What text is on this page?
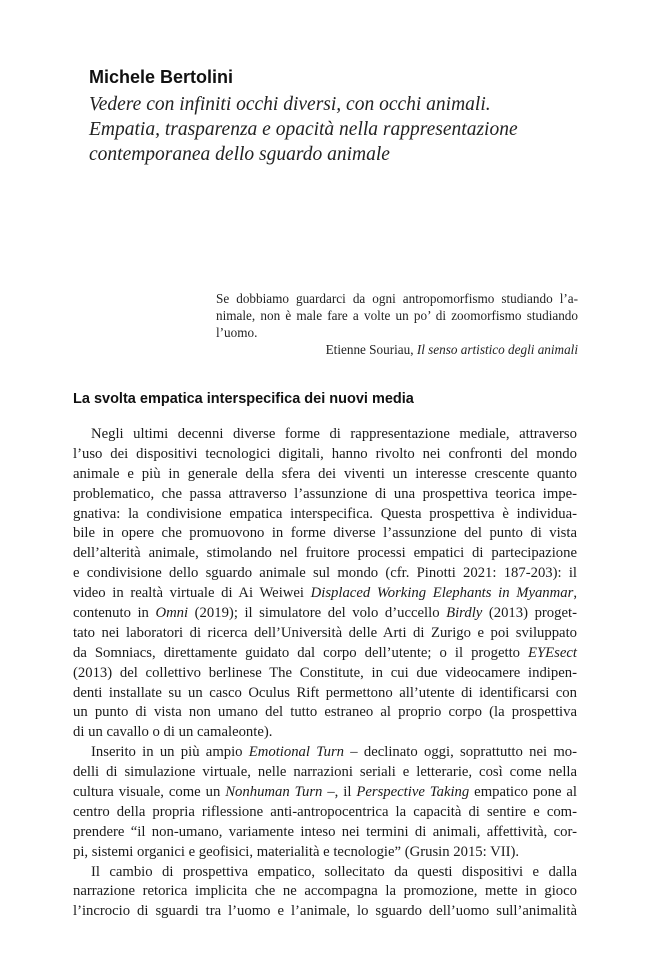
Michele Bertolini
Vedere con infiniti occhi diversi, con occhi animali.
Empatia, trasparenza e opacità nella rappresentazione
contemporanea dello sguardo animale
Se dobbiamo guardarci da ogni antropomorfismo studiando l’a-
nimale, non è male fare a volte un po’ di zoomorfismo studiando
l’uomo.
Etienne Souriau, Il senso artistico degli animali
La svolta empatica interspecifica dei nuovi media
Negli ultimi decenni diverse forme di rappresentazione mediale, attraverso
l’uso dei dispositivi tecnologici digitali, hanno rivolto nei confronti del mondo
animale e più in generale della sfera dei viventi un interesse crescente quanto
problematico, che passa attraverso l’assunzione di una prospettiva teorica impe-
gnativa: la condivisione empatica interspecifica. Questa prospettiva è individua-
bile in opere che promuovono in forme diverse l’assunzione del punto di vista
dell’alterità animale, stimolando nel fruitore processi empatici di partecipazione
e condivisione dello sguardo animale sul mondo (cfr. Pinotti 2021: 187-203): il
video in realtà virtuale di Ai Weiwei Displaced Working Elephants in Myanmar,
contenuto in Omni (2019); il simulatore del volo d’uccello Birdly (2013) proget-
tato nei laboratori di ricerca dell’Università delle Arti di Zurigo e poi sviluppato
da Somniacs, direttamente guidato dal corpo dell’utente; o il progetto EYEsect
(2013) del collettivo berlinese The Constitute, in cui due videocamere indipen-
denti installate su un casco Oculus Rift permettono all’utente di identificarsi con
un punto di vista non umano del tutto estraneo al proprio corpo (la prospettiva
di un cavallo o di un camaleonte).
Inserito in un più ampio Emotional Turn – declinato oggi, soprattutto nei mo-
delli di simulazione virtuale, nelle narrazioni seriali e letterarie, così come nella
cultura visuale, come un Nonhuman Turn –, il Perspective Taking empatico pone al
centro della propria riflessione anti-antropocentrica la capacità di sentire e com-
prendere “il non-umano, variamente inteso nei termini di animali, affettività, cor-
pi, sistemi organici e geofisici, materialità e tecnologie” (Grusin 2015: VII).
Il cambio di prospettiva empatico, sollecitato da questi dispositivi e dalla
narrazione retorica implicita che ne accompagna la promozione, mette in gioco
l’incrocio di sguardi tra l’uomo e l’animale, lo sguardo dell’uomo sull’animalità
